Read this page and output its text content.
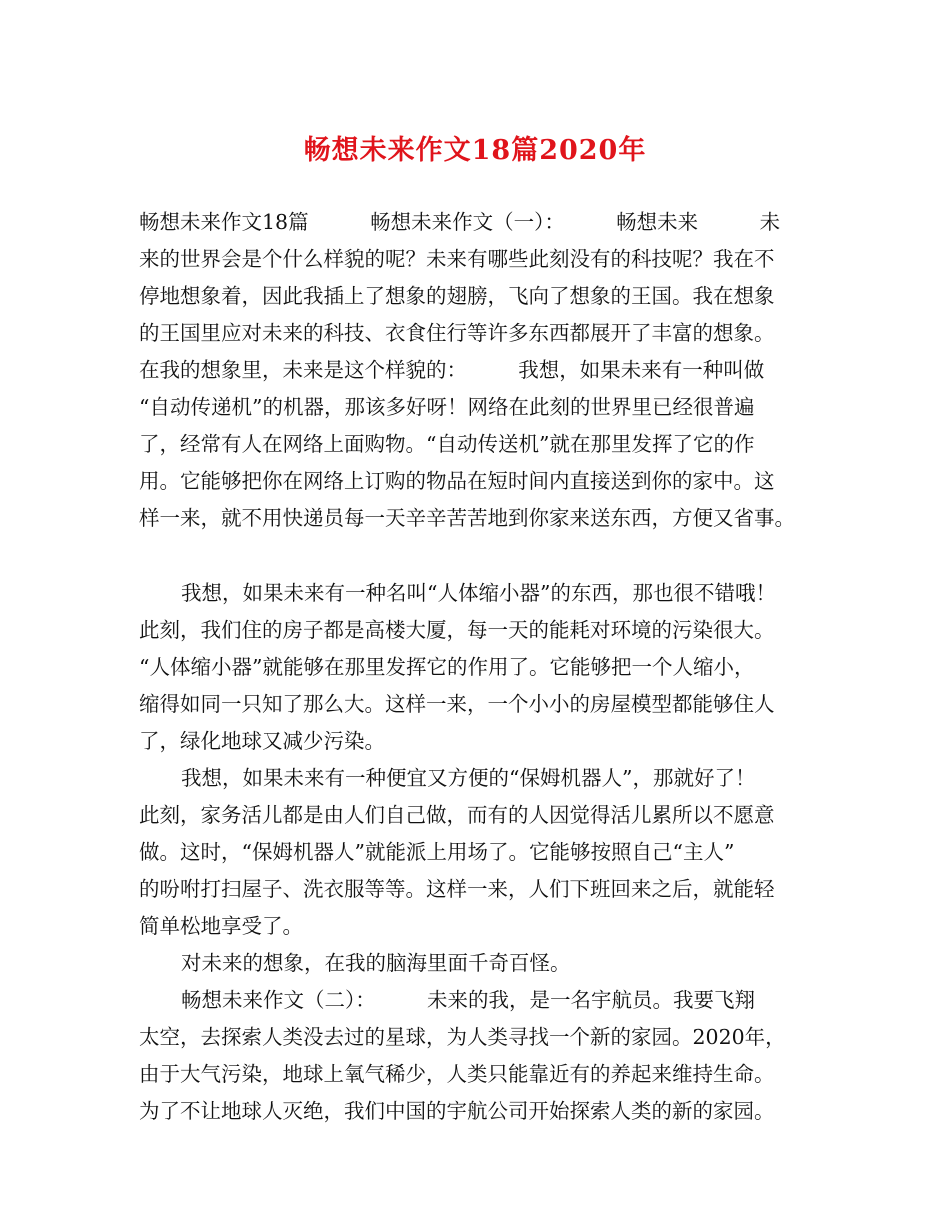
畅想未来作文18篇2020年
畅想未来作文18篇　　　畅想未来作文（一）：　　　畅想未来　　　未
来的世界会是个什么样貌的呢？未来有哪些此刻没有的科技呢？我在不
停地想象着，因此我插上了想象的翅膀，飞向了想象的王国。我在想象
的王国里应对未来的科技、衣食住行等许多东西都展开了丰富的想象。
在我的想象里，未来是这个样貌的：　　　我想，如果未来有一种叫做
“自动传递机”的机器，那该多好呀！网络在此刻的世界里已经很普遍
了，经常有人在网络上面购物。“自动传送机”就在那里发挥了它的作
用。它能够把你在网络上订购的物品在短时间内直接送到你的家中。这
样一来，就不用快递员每一天辛辛苦苦地到你家来送东西，方便又省事。
我想，如果未来有一种名叫“人体缩小器”的东西，那也很不错哦！
此刻，我们住的房子都是高楼大厦，每一天的能耗对环境的污染很大。
“人体缩小器”就能够在那里发挥它的作用了。它能够把一个人缩小，
缩得如同一只知了那么大。这样一来，一个小小的房屋模型都能够住人
了，绿化地球又减少污染。
我想，如果未来有一种便宜又方便的“保姆机器人”，那就好了！
此刻，家务活儿都是由人们自己做，而有的人因觉得活儿累所以不愿意
做。这时，“保姆机器人”就能派上用场了。它能够按照自己“主人”
的吩咐打扫屋子、洗衣服等等。这样一来，人们下班回来之后，就能轻
简单松地享受了。
对未来的想象，在我的脑海里面千奇百怪。
畅想未来作文（二）：　　　未来的我，是一名宇航员。我要飞翔
太空，去探索人类没去过的星球，为人类寻找一个新的家园。2020年，
由于大气污染，地球上氧气稀少，人类只能靠近有的养起来维持生命。
为了不让地球人灭绝，我们中国的宇航公司开始探索人类的新的家园。
